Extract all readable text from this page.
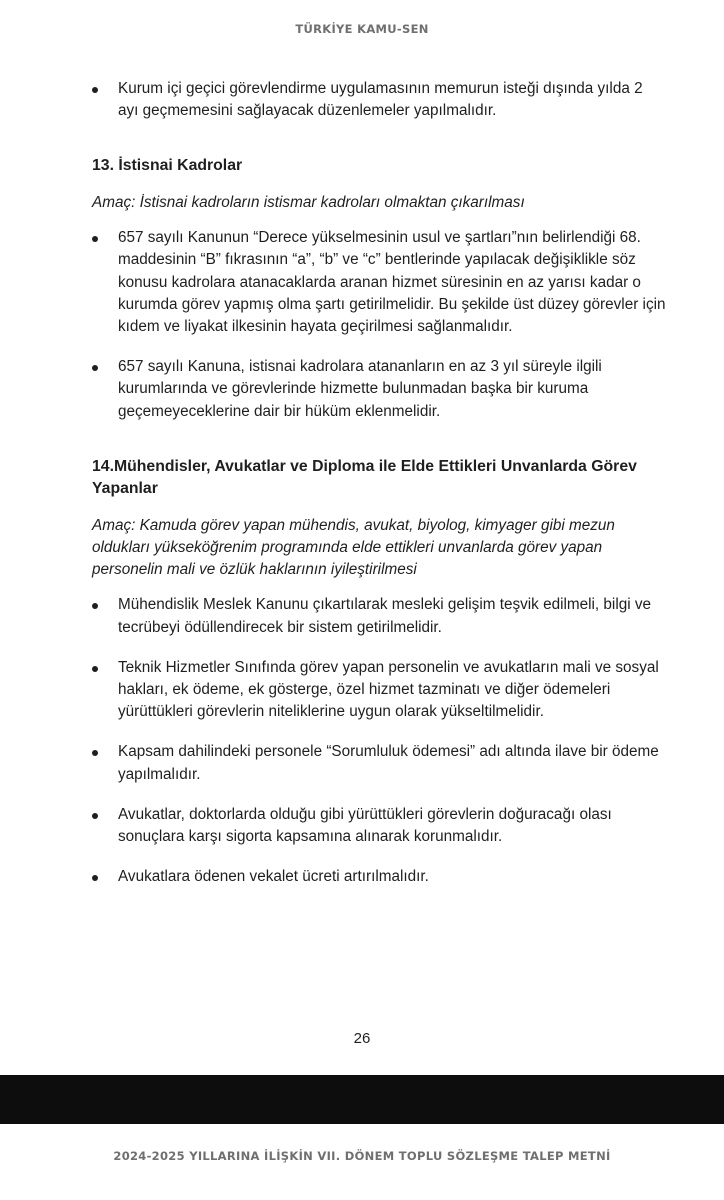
TÜRKİYE KAMU-SEN
Kurum içi geçici görevlendirme uygulamasının memurun isteği dışında yılda 2 ayı geçmemesini sağlayacak düzenlemeler yapılmalıdır.
13. İstisnai Kadrolar

Amaç: İstisnai kadroların istismar kadroları olmaktan çıkarılması

657 sayılı Kanunun “Derece yükselmesinin usul ve şartları”nın belirlendiği 68. maddesinin “B” fıkrasının “a”, “b” ve “c” bentlerinde yapılacak değişiklikle söz konusu kadrolara atanacaklarda aranan hizmet süresinin en az yarısı kadar o kurumda görev yapmış olma şartı getirilmelidir. Bu şekilde üst düzey görevler için kıdem ve liyakat ilkesinin hayata geçirilmesi sağlanmalıdır.
657 sayılı Kanuna, istisnai kadrolara atananların en az 3 yıl süreyle ilgili kurumlarında ve görevlerinde hizmette bulunmadan başka bir kuruma geçemeyeceklerine dair bir hüküm eklenmelidir.
14.Mühendisler, Avukatlar ve Diploma ile Elde Ettikleri Unvanlarda Görev Yapanlar

Amaç: Kamuda görev yapan mühendis, avukat, biyolog, kimyager gibi mezun oldukları yükseköğrenim programında elde ettikleri unvanlarda görev yapan personelin mali ve özlük haklarının iyileştirilmesi

Mühendislik Meslek Kanunu çıkartılarak mesleki gelişim teşvik edilmeli, bilgi ve tecrübeyi ödüllendirecek bir sistem getirilmelidir.
Teknik Hizmetler Sınıfında görev yapan personelin ve avukatların mali ve sosyal hakları, ek ödeme, ek gösterge, özel hizmet tazminatı ve diğer ödemeleri yürüttükleri görevlerin niteliklerine uygun olarak yükseltilmelidir.
Kapsam dahilindeki personele “Sorumluluk ödemesi” adı altında ilave bir ödeme yapılmalıdır.
Avukatlar, doktorlarda olduğu gibi yürüttükleri görevlerin doğuracağı olası sonuçlara karşı sigorta kapsamına alınarak korunmalıdır.
Avukatlara ödenen vekalet ücreti artırılmalıdır.
26
2024-2025 YILLARINA İLİŞKİN VII. DÖNEM TOPLU SÖZLEŞME TALEP METNİ
